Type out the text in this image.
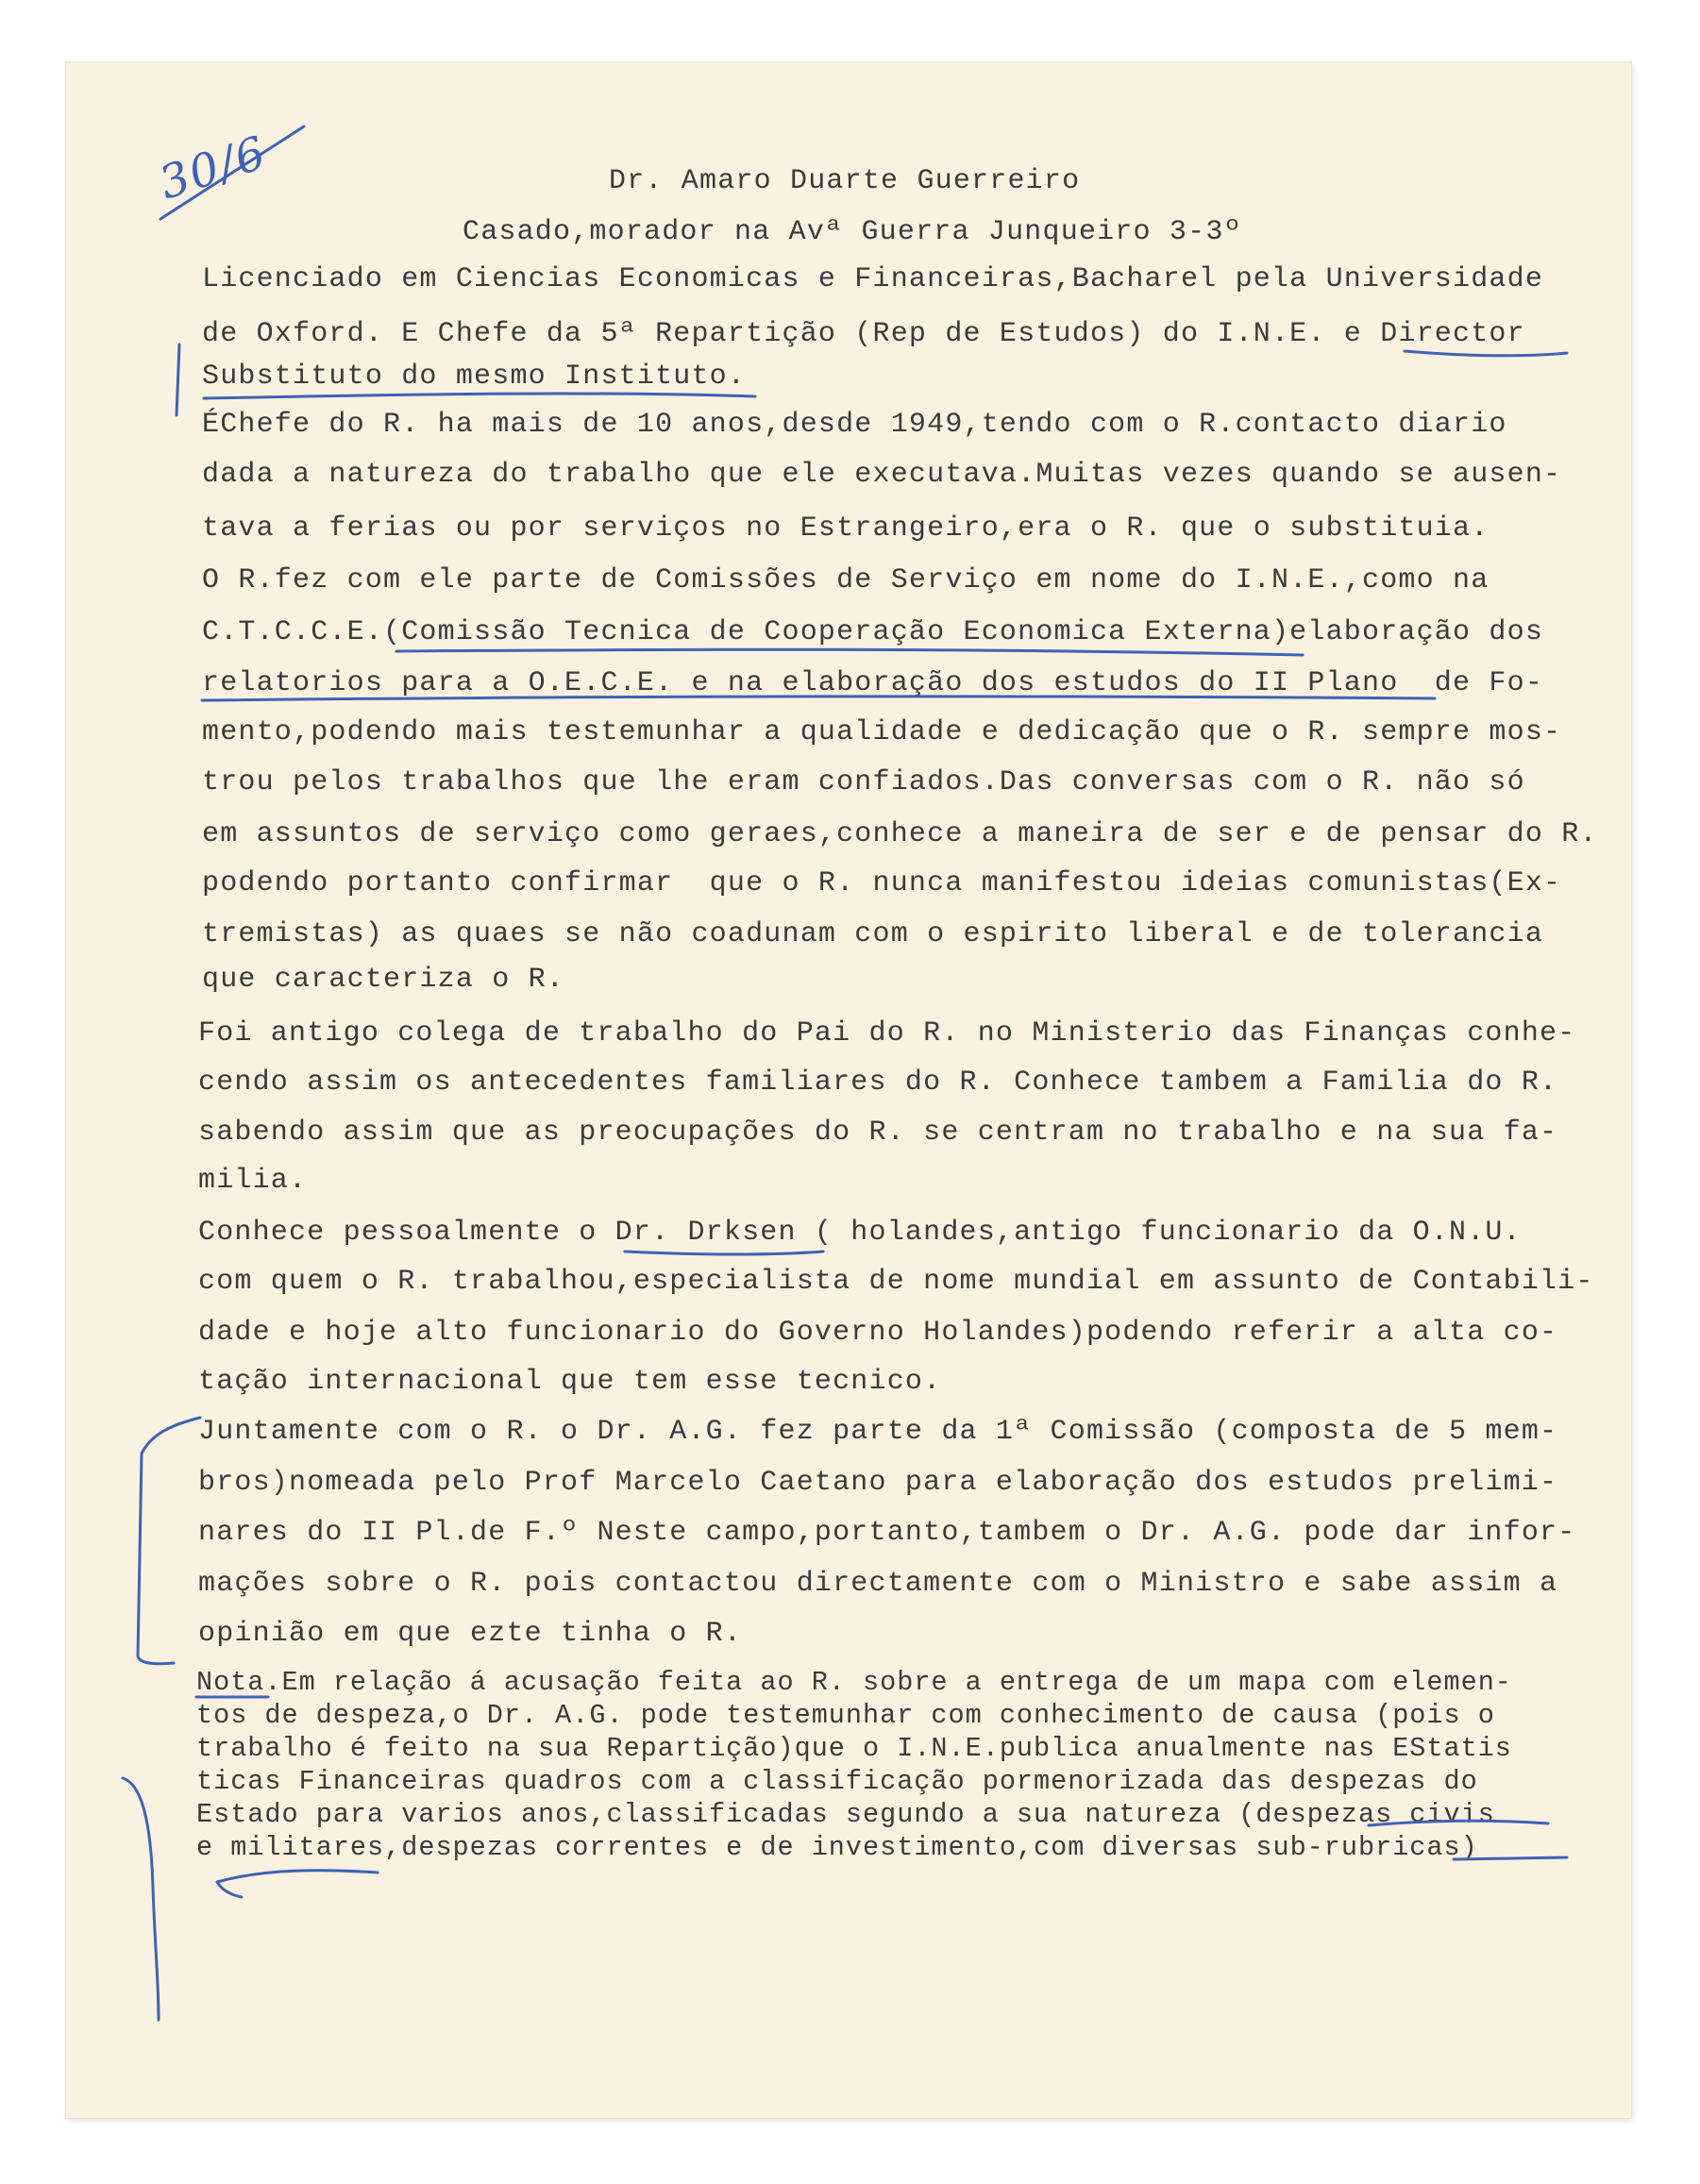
30/6	Dr. Amaro Duarte Guerreiro
Casado,morador na Avª Guerra Junqueiro 3-3º
Licenciado em Ciencias Economicas e Financeiras,Bacharel pela Universidade
de Oxford. E Chefe da 5ª Repartição (Rep de Estudos) do I.N.E. e Director
Substituto do mesmo Instituto.
ÉChefe do R. ha mais de 10 anos,desde 1949,tendo com o R.contacto diario
dada a natureza do trabalho que ele executava.Muitas vezes quando se ausen-
tava a ferias ou por serviços no Estrangeiro,era o R. que o substituia.
O R.fez com ele parte de Comissões de Serviço em nome do I.N.E.,como na
C.T.C.C.E.(Comissão Tecnica de Cooperação Economica Externa)elaboração dos
relatorios para a O.E.C.E. e na elaboração dos estudos do II Plano  de Fo-
mento,podendo mais testemunhar a qualidade e dedicação que o R. sempre mos-
trou pelos trabalhos que lhe eram confiados.Das conversas com o R. não só
em assuntos de serviço como geraes,conhece a maneira de ser e de pensar do R.
podendo portanto confirmar  que o R. nunca manifestou ideias comunistas(Ex-
tremistas) as quaes se não coadunam com o espirito liberal e de tolerancia
que caracteriza o R.
Foi antigo colega de trabalho do Pai do R. no Ministerio das Finanças conhe-
cendo assim os antecedentes familiares do R. Conhece tambem a Familia do R.
sabendo assim que as preocupações do R. se centram no trabalho e na sua fa-
milia.
Conhece pessoalmente o Dr. Drksen ( holandes,antigo funcionario da O.N.U.
com quem o R. trabalhou,especialista de nome mundial em assunto de Contabili-
dade e hoje alto funcionario do Governo Holandes)podendo referir a alta co-
tação internacional que tem esse tecnico.
Juntamente com o R. o Dr. A.G. fez parte da 1ª Comissão (composta de 5 mem-
bros)nomeada pelo Prof Marcelo Caetano para elaboração dos estudos prelimi-
nares do II Pl.de F.º Neste campo,portanto,tambem o Dr. A.G. pode dar infor-
mações sobre o R. pois contactou directamente com o Ministro e sabe assim a
opinião em que ezte tinha o R.
Nota.Em relação á acusação feita ao R. sobre a entrega de um mapa com elemen-
tos de despeza,o Dr. A.G. pode testemunhar com conhecimento de causa (pois o
trabalho é feito na sua Repartição)que o I.N.E.publica anualmente nas EStatis
ticas Financeiras quadros com a classificação pormenorizada das despezas do
Estado para varios anos,classificadas segundo a sua natureza (despezas civis
e militares,despezas correntes e de investimento,com diversas sub-rubricas)
